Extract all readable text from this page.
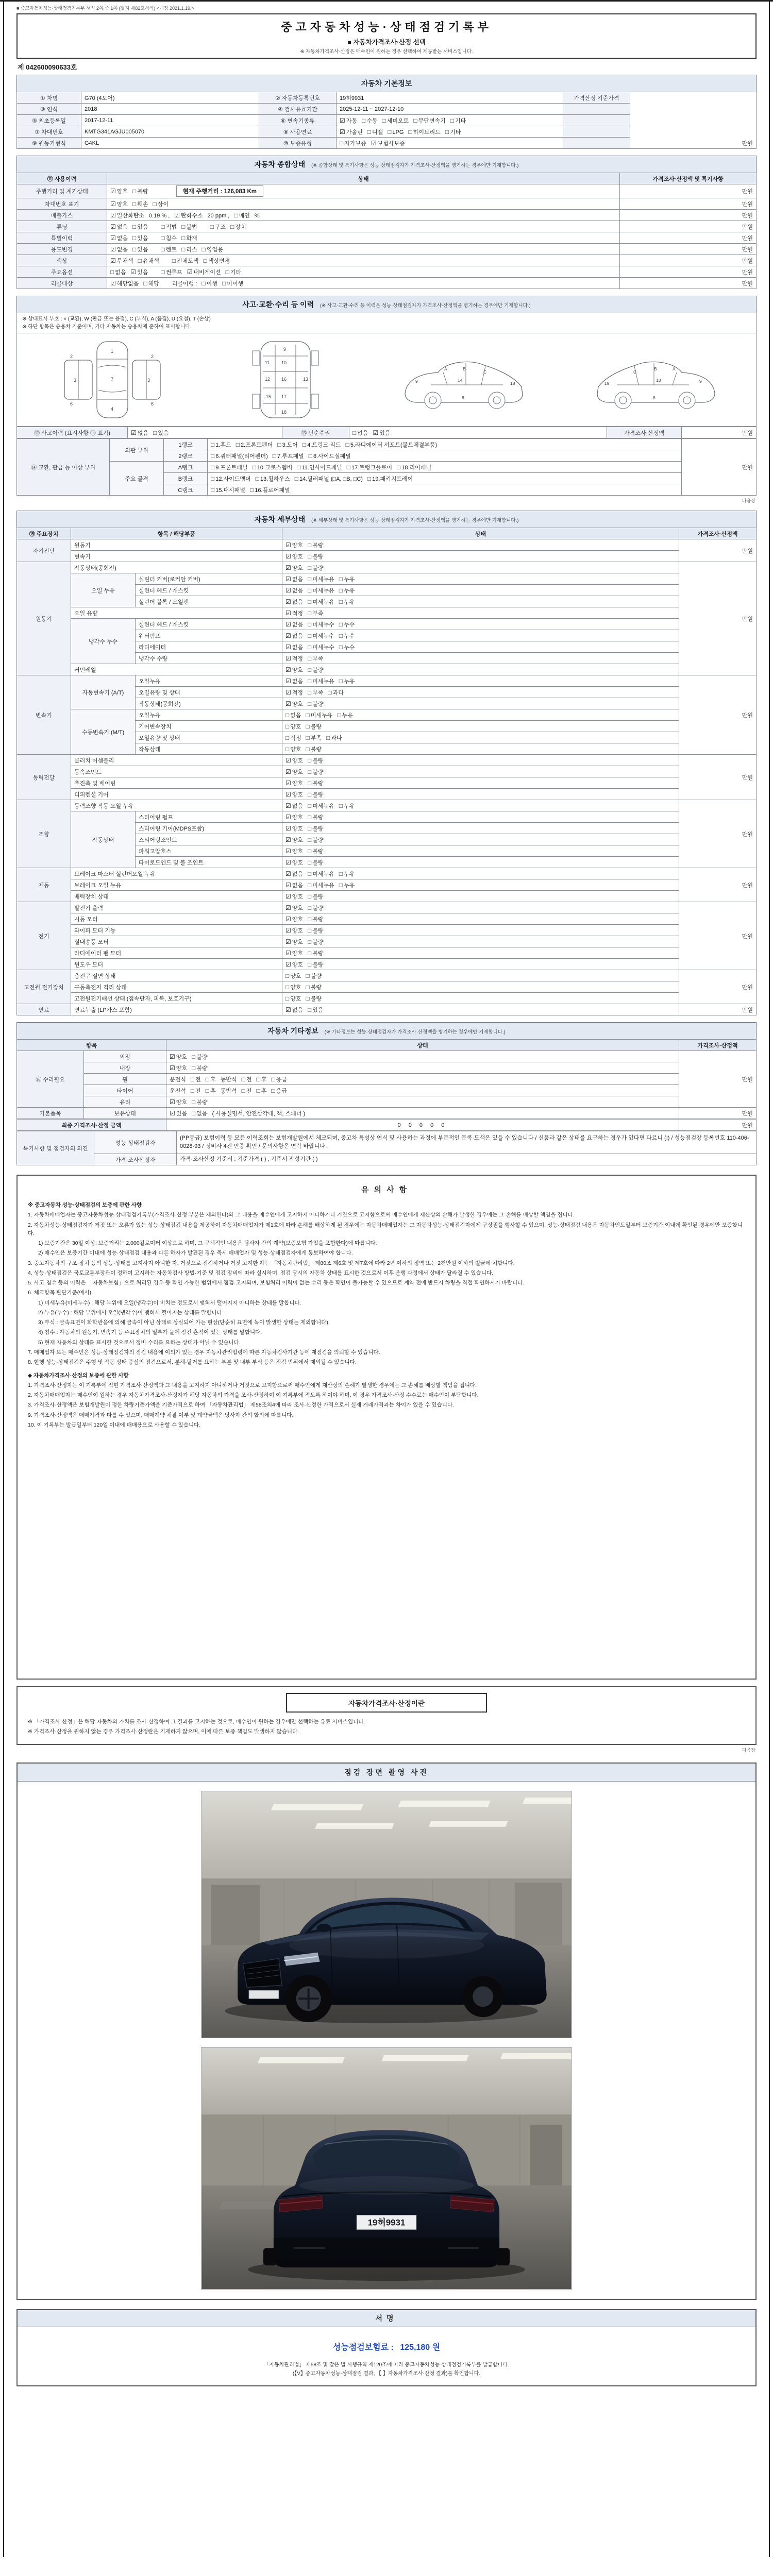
■ 중고자동차성능·상태점검기록부 서식 2쪽 중 1쪽 (별지 제82호서식) <개정 2021.1.19.>
중고자동차성능·상태점검기록부
■ 자동차가격조사·산정 선택
※ 자동차가격조사·산정은 매수인이 원하는 경우 선택하여 제공받는 서비스입니다.
제 042600090633호
자동차 기본정보
① 차명	G70 (4도어)	② 자동차등록번호	19허9931	가격산정 기준가격	만원
③ 연식	2018	④ 검사유효기간	2025-12-11 ~ 2027-12-10		
⑤ 최초등록일	2017-12-11	⑥ 변속기종류	☑ 자동 □ 수동 □ 세미오토 □ 무단변속기 □ 기타		
⑦ 차대번호	KMTG341AGJU005070	⑧ 사용연료	☑ 가솔린 □ 디젤 □ LPG □ 하이브리드 □ 기타		
⑨ 원동기형식	G4KL	⑩ 보증유형	□ 자가보증 ☑ 보험사보증		
자동차 종합상태 (※ 종합상태 및 특기사항은 성능·상태점검자가 가격조사·산정액을 병기하는 경우에만 기재합니다.)
⑪ 사용이력	상태	가격조사·산정액 및 특기사항
주행거리 및 계기상태	☑ 양호 □ 불량 현재 주행거리 : 126,083 Km	만원
차대번호 표기	☑ 양호 □ 훼손 □ 상이	만원
배출가스	☑ 일산화탄소 0.19 % , ☑ 탄화수소 20 ppm , □ 매연 %	만원
튜닝	☑ 없음 □ 있음 □ 적법 □ 불법 □ 구조 □ 장치	만원
특별이력	☑ 없음 □ 있음 □ 침수 □ 화재	만원
용도변경	☑ 없음 □ 있음 □ 렌트 □ 리스 □ 영업용	만원
색상	☑ 무채색 □ 유채색 □ 전체도색 □ 색상변경	만원
주요옵션	□ 없음 ☑ 있음 □ 썬루프 ☑ 내비게이션 □ 기타	만원
리콜대상	☑ 해당없음 □ 해당 리콜이행 : □ 이행 □ 미이행	만원
사고·교환·수리 등 이력 (※ 사고·교환·수리 등 이력은 성능·상태점검자가 가격조사·산정액을 병기하는 경우에만 기재합니다.)
※ 상태표시 부호 : × (교환), W (판금 또는 용접), C (부식), A (흠집), U (요철), T (손상)
※ 하단 항목은 승용차 기준이며, 기타 자동차는 승용차에 준하여 표시합니다.
1
7
4
2
3
6
2
3
6
9
10
11
16
12	13
17
18
15
A	B
C
14
9	18
8
A
B
C
13	9
19
8
⑫ 사고이력 (표시사항 ⑭ 표기)	☑ 없음 □ 있음	⑬ 단순수리	□ 없음 ☑ 있음	가격조사·산정액	만원
⑭ 교환, 판금 등 이상 부위	외판 부위	1랭크	□ 1.후드 □ 2.프론트펜더 □ 3.도어 □ 4.트렁크 리드 □ 5.라디에이터 서포트(볼트체결부품)	만원
		2랭크	□ 6.쿼터패널(리어펜더) □ 7.루프패널 □ 8.사이드실패널	
	주요 골격	A랭크	□ 9.프론트패널 □ 10.크로스멤버 □ 11.인사이드패널 □ 17.트렁크플로어 □ 18.리어패널	
		B랭크	□ 12.사이드멤버 □ 13.휠하우스 □ 14.필러패널 (□A, □B, □C) □ 19.패키지트레이	
		C랭크	□ 15.대시패널 □ 16.플로어패널	
다음장
자동차 세부상태 (※ 세부상태 및 특기사항은 성능·상태점검자가 가격조사·산정액을 병기하는 경우에만 기재합니다.)
⑮ 주요장치	항목 / 해당부품		상태	가격조사·산정액
자기진단	원동기		☑ 양호 □ 불량	만원
	변속기		☑ 양호 □ 불량	
원동기	작동상태(공회전)		☑ 양호 □ 불량	만원
	오일 누유	실린더 커버(로커암 커버)	☑ 없음 □ 미세누유 □ 누유	
		실린더 헤드 / 개스킷	☑ 없음 □ 미세누유 □ 누유	
		실린더 블록 / 오일팬	☑ 없음 □ 미세누유 □ 누유	
	오일 유량		☑ 적정 □ 부족	
	냉각수 누수	실린더 헤드 / 개스킷	☑ 없음 □ 미세누수 □ 누수	
		워터펌프	☑ 없음 □ 미세누수 □ 누수	
		라디에이터	☑ 없음 □ 미세누수 □ 누수	
		냉각수 수량	☑ 적정 □ 부족	
	커먼레일		☑ 양호 □ 불량	
변속기	자동변속기 (A/T)	오일누유	☑ 없음 □ 미세누유 □ 누유	만원
		오일유량 및 상태	☑ 적정 □ 부족 □ 과다	
		작동상태(공회전)	☑ 양호 □ 불량	
	수동변속기 (M/T)	오일누유	□ 없음 □ 미세누유 □ 누유	
		기어변속장치	□ 양호 □ 불량	
		오일유량 및 상태	□ 적정 □ 부족 □ 과다	
		작동상태	□ 양호 □ 불량	
동력전달	클러치 어셈블리		☑ 양호 □ 불량	만원
	등속조인트		☑ 양호 □ 불량	
	추진축 및 베어링		☑ 양호 □ 불량	
	디퍼렌셜 기어		☑ 양호 □ 불량	
조향	동력조향 작동 오일 누유		☑ 없음 □ 미세누유 □ 누유	만원
	작동상태	스티어링 펌프	☑ 양호 □ 불량	
		스티어링 기어(MDPS포함)	☑ 양호 □ 불량	
		스티어링조인트	☑ 양호 □ 불량	
		파워고압호스	☑ 양호 □ 불량	
		타이로드엔드 및 볼 조인트	☑ 양호 □ 불량	
제동	브레이크 마스터 실린더오일 누유		☑ 없음 □ 미세누유 □ 누유	만원
	브레이크 오일 누유		☑ 없음 □ 미세누유 □ 누유	
	배력장치 상태		☑ 양호 □ 불량	
전기	발전기 출력		☑ 양호 □ 불량	만원
	시동 모터		☑ 양호 □ 불량	
	와이퍼 모터 기능		☑ 양호 □ 불량	
	실내송풍 모터		☑ 양호 □ 불량	
	라디에이터 팬 모터		☑ 양호 □ 불량	
	윈도우 모터		☑ 양호 □ 불량	
고전원 전기장치	충전구 절연 상태		□ 양호 □ 불량	만원
	구동축전지 격리 상태		□ 양호 □ 불량	
	고전원전기배선 상태 (접속단자, 피복, 보호기구)		□ 양호 □ 불량	
연료	연료누출 (LP가스 포함)		☑ 없음 □ 있음	만원
자동차 기타정보 (※ 기타정보는 성능·상태점검자가 가격조사·산정액을 병기하는 경우에만 기재합니다.)
항목		상태	가격조사·산정액
⑯ 수리필요	외장	☑ 양호 □ 불량	만원
	내장	☑ 양호 □ 불량	
	휠	운전석 □ 전 □ 후 동반석 □ 전 □ 후 □ 응급	
	타이어	운전석 □ 전 □ 후 동반석 □ 전 □ 후 □ 응급	
	유리	☑ 양호 □ 불량	
기본품목	보유상태	☑ 있음 □ 없음 ( 사용설명서, 안전삼각대, 잭, 스패너 )	만원
최종 가격조사·산정 금액	0 0 0 0 0	만원
특기사항 및 점검자의 의견	성능·상태점검자	(PP등급) 보험이력 등 모든 이력조회는 보험개발원에서 체크되며, 중고차 특성상 연식 및 사용하는 과정에 부분적인 문콕·도색은 있을 수 있습니다 / 신품과 같은 상태를 요구하는 경우가 있다면 다르니 (!) / 성능점검장 등록번호 110-406-0028-93 / 정비사 4건 인증 확인 / 문의사항은 연락 바랍니다.
	가격·조사산정자	가격·조사산정 기준서 : 기준가격 ( ) , 기준서 작성기관 ( )
유의사항
※ 중고자동차 성능·상태점검의 보증에 관한 사항
1. 자동차매매업자는 중고자동차성능·상태점검기록부(가격조사·산정 부분은 제외한다)와 그 내용을 매수인에게 고지하지 아니하거나 거짓으로 고지함으로써 매수인에게 재산상의 손해가 발생한 경우에는 그 손해를 배상할 책임을 집니다.
2. 자동차성능·상태점검자가 거짓 또는 오류가 있는 성능·상태점검 내용을 제공하여 자동차매매업자가 제1호에 따라 손해를 배상하게 된 경우에는 자동차매매업자는 그 자동차성능·상태점검자에게 구상권을 행사할 수 있으며, 성능·상태점검 내용은 자동차인도일부터 보증기간 이내에 확인된 경우에만 보증합니다.
1) 보증기간은 30일 이상, 보증거리는 2,000킬로미터 이상으로 하며, 그 구체적인 내용은 당사자 간의 계약(보증보험 가입을 포함한다)에 따릅니다.
2) 매수인은 보증기간 이내에 성능·상태점검 내용과 다른 하자가 발견된 경우 즉시 매매업자 및 성능·상태점검자에게 통보하여야 합니다.
3. 중고자동차의 구조·장치 등의 성능·상태를 고지하지 아니한 자, 거짓으로 점검하거나 거짓 고지한 자는 「자동차관리법」 제80조 제6호 및 제7호에 따라 2년 이하의 징역 또는 2천만원 이하의 벌금에 처합니다.
4. 성능·상태점검은 국토교통부장관이 정하여 고시하는 자동차검사 방법·기준 및 점검 장비에 따라 실시하며, 점검 당시의 자동차 상태를 표시한 것으로서 이후 운행 과정에서 상태가 달라질 수 있습니다.
5. 사고·침수 등의 이력은 「자동차보험」으로 처리된 경우 등 확인 가능한 범위에서 점검·고지되며, 보험처리 이력이 없는 수리 등은 확인이 불가능할 수 있으므로 계약 전에 반드시 차량을 직접 확인하시기 바랍니다.
6. 체크항목 판단기준(예시)
1) 미세누유(미세누수) : 해당 부위에 오일(냉각수)이 비치는 정도로서 맺혀서 떨어지지 아니하는 상태를 말합니다.
2) 누유(누수) : 해당 부위에서 오일(냉각수)이 맺혀서 떨어지는 상태를 말합니다.
3) 부식 : 금속표면이 화학반응에 의해 금속이 아닌 상태로 상실되어 가는 현상(단순히 표면에 녹이 발생한 상태는 제외합니다).
4) 침수 : 자동차의 원동기, 변속기 등 주요장치의 일부가 물에 잠긴 흔적이 있는 상태를 말합니다.
5) 현재 자동차의 상태를 표시한 것으로서 정비·수리를 요하는 상태가 아닐 수 있습니다.
7. 매매업자 또는 매수인은 성능·상태점검자의 점검 내용에 이의가 있는 경우 자동차관리법령에 따른 자동차검사기관 등에 재점검을 의뢰할 수 있습니다.
8. 현행 성능·상태점검은 주행 및 작동 상태 중심의 점검으로서, 분해·탈거를 요하는 부분 및 내부 부식 등은 점검 범위에서 제외될 수 있습니다.
◆ 자동차가격조사·산정의 보증에 관한 사항
1. 가격조사·산정자는 이 기록부에 적힌 가격조사·산정액과 그 내용을 고지하지 아니하거나 거짓으로 고지함으로써 매수인에게 재산상의 손해가 발생한 경우에는 그 손해를 배상할 책임을 집니다.
2. 자동차매매업자는 매수인이 원하는 경우 자동차가격조사·산정자가 해당 자동차의 가격을 조사·산정하여 이 기록부에 적도록 하여야 하며, 이 경우 가격조사·산정 수수료는 매수인이 부담합니다.
3. 가격조사·산정액은 보험개발원이 정한 차량기준가액을 기준가격으로 하여 「자동차관리법」 제58조의4에 따라 조사·산정한 가격으로서 실제 거래가격과는 차이가 있을 수 있습니다.
9. 가격조사·산정액은 매매가격과 다를 수 있으며, 매매계약 체결 여부 및 계약금액은 당사자 간의 합의에 따릅니다.
10. 이 기록부는 발급일부터 120일 이내에 매매용으로 사용할 수 있습니다.
자동차가격조사·산정이란
※ 「가격조사·산정」은 해당 자동차의 가치를 조사·산정하여 그 결과를 고지하는 것으로, 매수인이 원하는 경우에만 선택하는 유료 서비스입니다.
※ 가격조사·산정을 원하지 않는 경우 가격조사·산정란은 기재하지 않으며, 이에 따른 보증 책임도 발생하지 않습니다.
다음장
점검 장면 촬영 사진
19허9931
서명
성능점검보험료 : 125,180 원
「자동차관리법」 제58조 및 같은 법 시행규칙 제120조에 따라 중고자동차성능·상태점검기록부를 발급합니다.
(【V】중고자동차성능·상태점검 결과, 【 】자동차가격조사·산정 결과)를 확인합니다.
